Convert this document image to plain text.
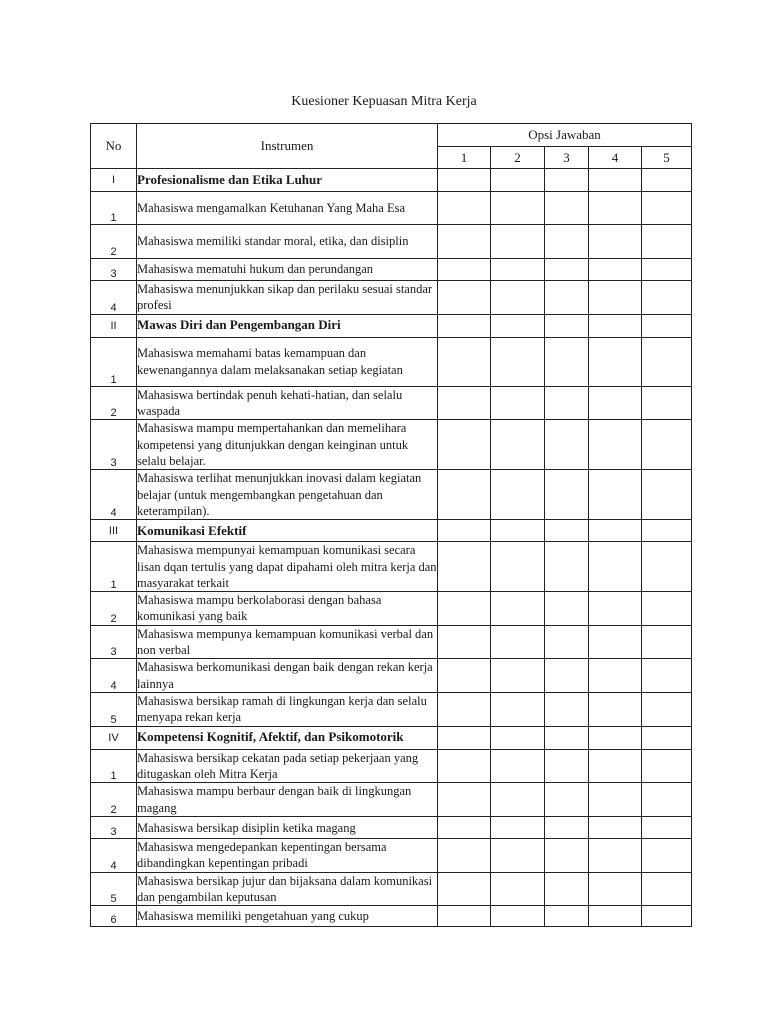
Kuesioner Kepuasan Mitra Kerja
No	Instrumen	Opsi Jawaban				
		1	2	3	4	5
I	Profesionalisme dan Etika Luhur					
1	Mahasiswa mengamalkan Ketuhanan Yang Maha Esa					
2	Mahasiswa memiliki standar moral, etika, dan disiplin					
3	Mahasiswa mematuhi hukum dan perundangan					
4	Mahasiswa menunjukkan sikap dan perilaku sesuai standar profesi					
II	Mawas Diri dan Pengembangan Diri					
1	Mahasiswa memahami batas kemampuan dan kewenangannya dalam melaksanakan setiap kegiatan					
2	Mahasiswa bertindak penuh kehati-hatian, dan selalu waspada					
3	Mahasiswa mampu mempertahankan dan memelihara kompetensi yang ditunjukkan dengan keinginan untuk selalu belajar.					
4	Mahasiswa terlihat menunjukkan inovasi dalam kegiatan belajar (untuk mengembangkan pengetahuan dan keterampilan).					
III	Komunikasi Efektif					
1	Mahasiswa mempunyai kemampuan komunikasi secara lisan dqan tertulis yang dapat dipahami oleh mitra kerja dan masyarakat terkait					
2	Mahasiswa mampu berkolaborasi dengan bahasa komunikasi yang baik					
3	Mahasiswa mempunya kemampuan komunikasi verbal dan non verbal					
4	Mahasiswa berkomunikasi dengan baik dengan rekan kerja lainnya					
5	Mahasiswa bersikap ramah di lingkungan kerja dan selalu menyapa rekan kerja					
IV	Kompetensi Kognitif, Afektif, dan Psikomotorik					
1	Mahasiswa bersikap cekatan pada setiap pekerjaan yang ditugaskan oleh Mitra Kerja					
2	Mahasiswa mampu berbaur dengan baik di lingkungan magang					
3	Mahasiswa bersikap disiplin ketika magang					
4	Mahasiswa mengedepankan kepentingan bersama dibandingkan kepentingan pribadi					
5	Mahasiswa bersikap jujur dan bijaksana dalam komunikasi dan pengambilan keputusan					
6	Mahasiswa memiliki pengetahuan yang cukup					
